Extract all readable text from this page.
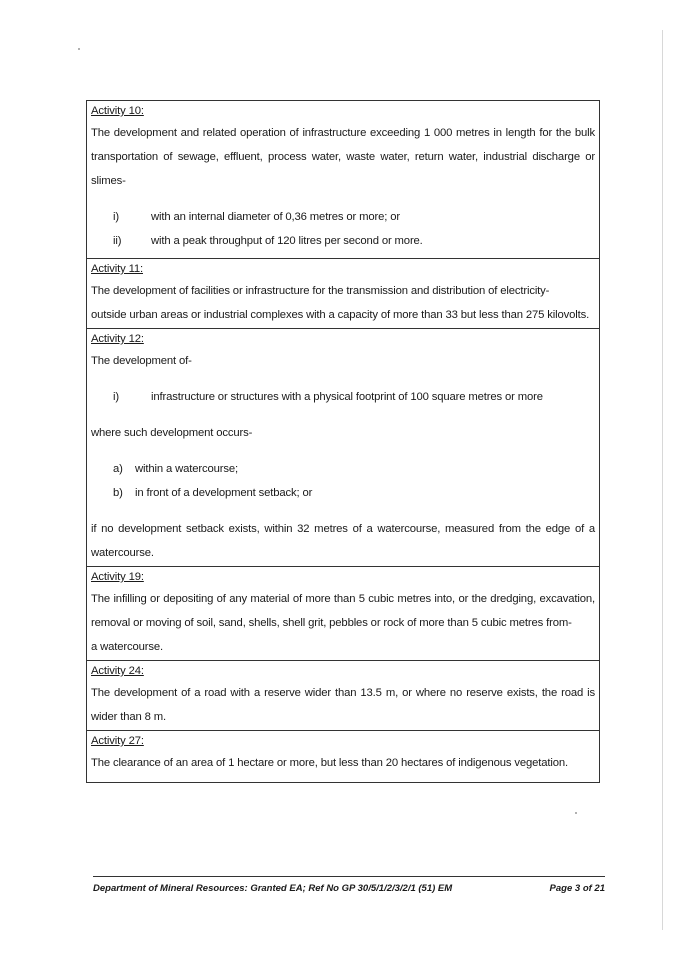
Activity 10:
The development and related operation of infrastructure exceeding 1 000 metres in length for the bulk transportation of sewage, effluent, process water, waste water, return water, industrial discharge or slimes-
i)	with an internal diameter of 0,36 metres or more; or
ii)	with a peak throughput of 120 litres per second or more.
Activity 11:
The development of facilities or infrastructure for the transmission and distribution of electricity-
outside urban areas or industrial complexes with a capacity of more than 33 but less than 275 kilovolts.
Activity 12:
The development of-
i)	infrastructure or structures with a physical footprint of 100 square metres or more
where such development occurs-
a)	within a watercourse;
b)	in front of a development setback; or
if no development setback exists, within 32 metres of a watercourse, measured from the edge of a watercourse.
Activity 19:
The infilling or depositing of any material of more than 5 cubic metres into, or the dredging, excavation, removal or moving of soil, sand, shells, shell grit, pebbles or rock of more than 5 cubic metres from-
a watercourse.
Activity 24:
The development of a road with a reserve wider than 13.5 m, or where no reserve exists, the road is wider than 8 m.
Activity 27:
The clearance of an area of 1 hectare or more, but less than 20 hectares of indigenous vegetation.
Department of Mineral Resources: Granted EA; Ref No GP 30/5/1/2/3/2/1 (51) EM	Page 3 of 21
